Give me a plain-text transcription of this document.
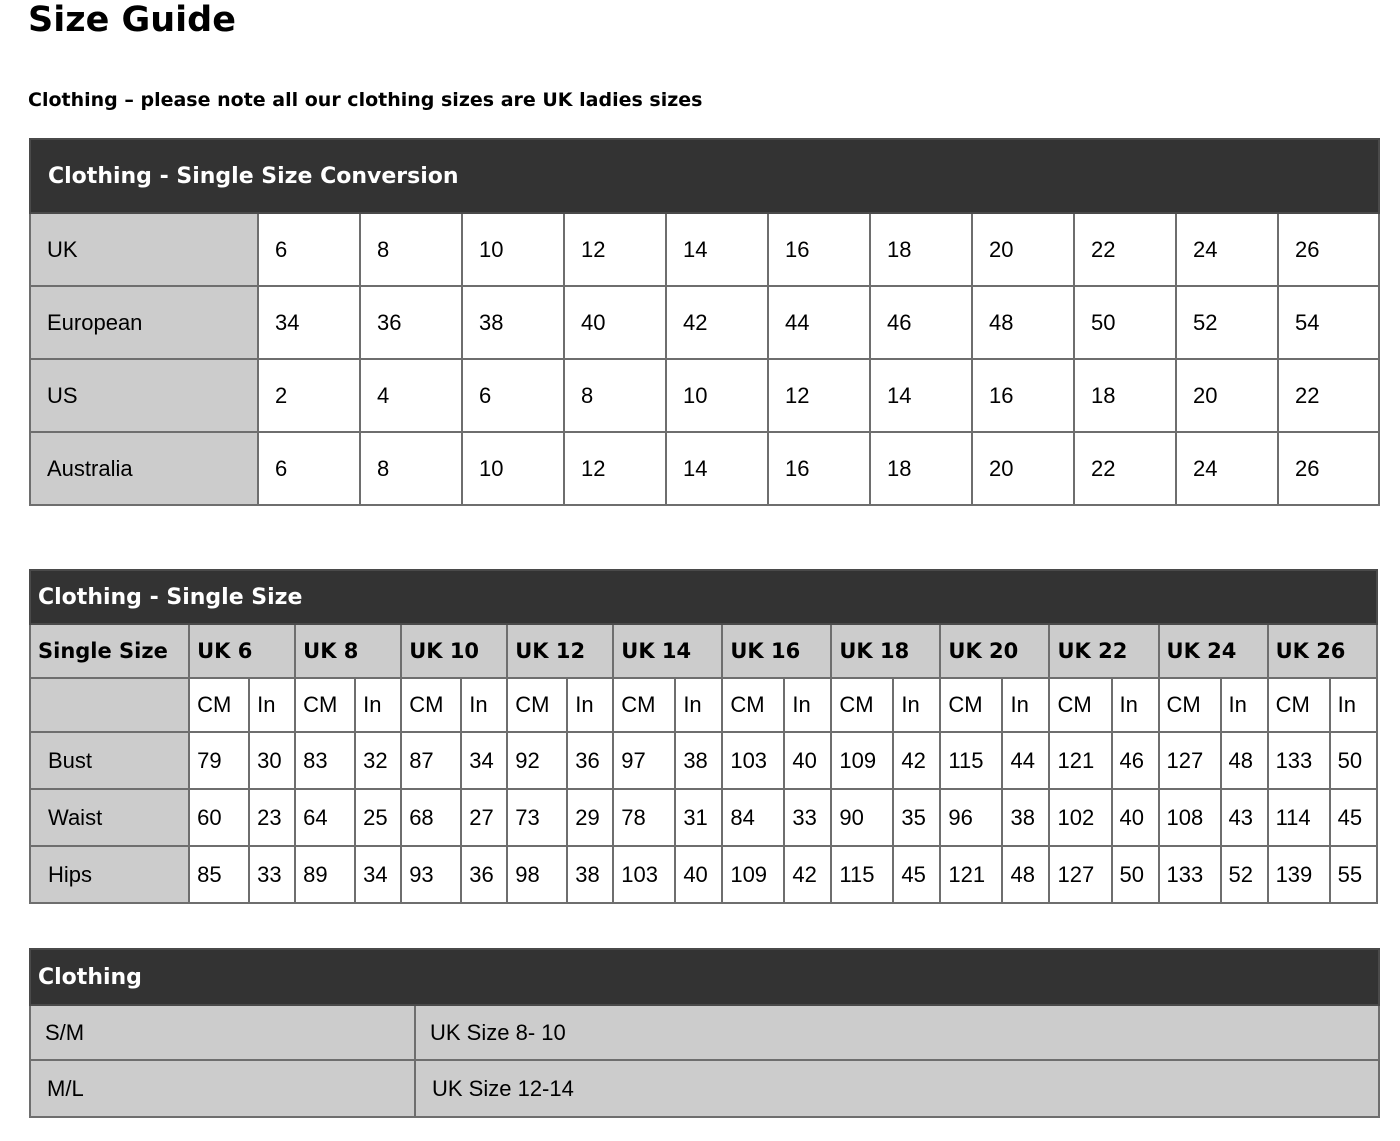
Size Guide
Clothing – please note all our clothing sizes are UK ladies sizes
Clothing - Single Size Conversion											
UK	6	8	10	12	14	16	18	20	22	24	26
European	34	36	38	40	42	44	46	48	50	52	54
US	2	4	6	8	10	12	14	16	18	20	22
Australia	6	8	10	12	14	16	18	20	22	24	26
Clothing - Single Size																						
Single Size	UK 6		UK 8		UK 10		UK 12		UK 14		UK 16		UK 18		UK 20		UK 22		UK 24		UK 26	
	CM	In	CM	In	CM	In	CM	In	CM	In	CM	In	CM	In	CM	In	CM	In	CM	In	CM	In
Bust	79	30	83	32	87	34	92	36	97	38	103	40	109	42	115	44	121	46	127	48	133	50
Waist	60	23	64	25	68	27	73	29	78	31	84	33	90	35	96	38	102	40	108	43	114	45
Hips	85	33	89	34	93	36	98	38	103	40	109	42	115	45	121	48	127	50	133	52	139	55
Clothing	
S/M	UK Size 8- 10
M/L	UK Size 12-14
